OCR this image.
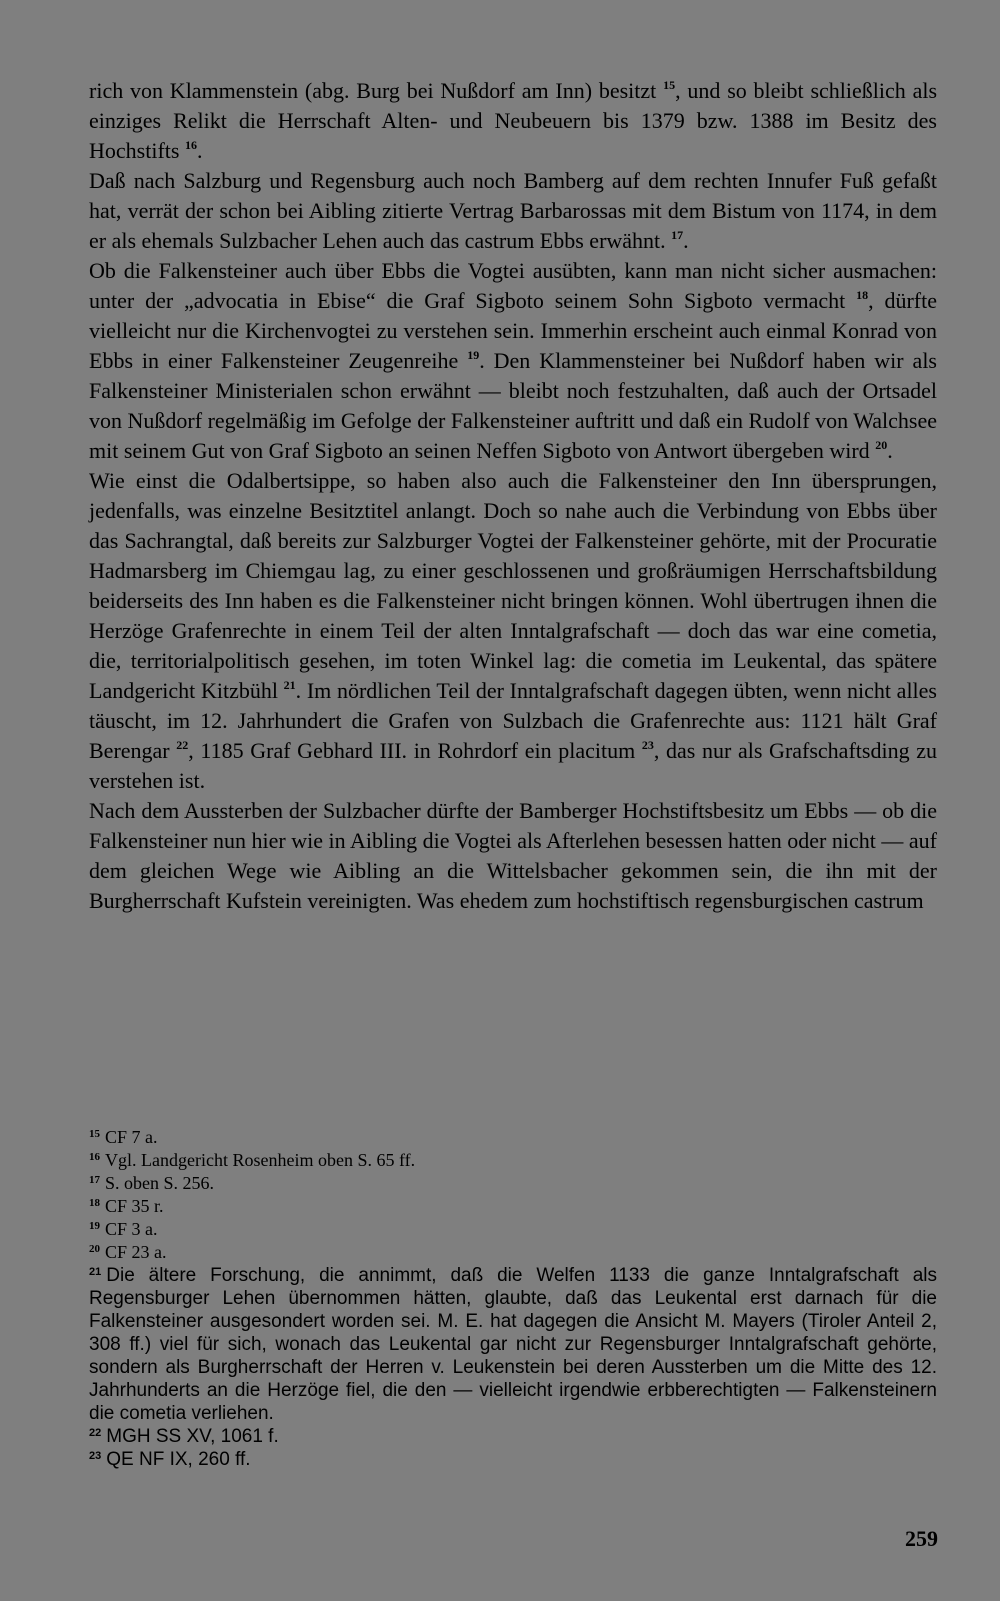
rich von Klammenstein (abg. Burg bei Nußdorf am Inn) besitzt $^{15}$, und so bleibt schließlich als einziges Relikt die Herrschaft Alten- und Neubeuern bis 1379 bzw. 1388 im Besitz des Hochstifts $^{16}$.

Daß nach Salzburg und Regensburg auch noch Bamberg auf dem rechten Innufer Fuß gefaßt hat, verrät der schon bei Aibling zitierte Vertrag Barbarossas mit dem Bistum von 1174, in dem er als ehemals Sulzbacher Lehen auch das castrum Ebbs erwähnt. $^{17}$.

Ob die Falkensteiner auch über Ebbs die Vogtei ausübten, kann man nicht sicher ausmachen: unter der „advocatia in Ebise“ die Graf Sigboto seinem Sohn Sigboto vermacht $^{18}$, dürfte vielleicht nur die Kirchenvogtei zu verstehen sein. Immerhin erscheint auch einmal Konrad von Ebbs in einer Falkensteiner Zeugenreihe $^{19}$. Den Klammensteiner bei Nußdorf haben wir als Falkensteiner Ministerialen schon erwähnt — bleibt noch festzuhalten, daß auch der Ortsadel von Nußdorf regelmäßig im Gefolge der Falkensteiner auftritt und daß ein Rudolf von Walchsee mit seinem Gut von Graf Sigboto an seinen Neffen Sigboto von Antwort übergeben wird $^{20}$.

Wie einst die Odalbertsippe, so haben also auch die Falkensteiner den Inn übersprungen, jedenfalls, was einzelne Besitztitel anlangt. Doch so nahe auch die Verbindung von Ebbs über das Sachrangtal, daß bereits zur Salzburger Vogtei der Falkensteiner gehörte, mit der Procuratie Hadmarsberg im Chiemgau lag, zu einer geschlossenen und großräumigen Herrschaftsbildung beiderseits des Inn haben es die Falkensteiner nicht bringen können. Wohl übertrugen ihnen die Herzöge Grafenrechte in einem Teil der alten Inntalgrafschaft — doch das war eine cometia, die, territorialpolitisch gesehen, im toten Winkel lag: die cometia im Leukental, das spätere Landgericht Kitzbühl $^{21}$. Im nördlichen Teil der Inntalgrafschaft dagegen übten, wenn nicht alles täuscht, im 12. Jahrhundert die Grafen von Sulzbach die Grafenrechte aus: 1121 hält Graf Berengar $^{22}$, 1185 Graf Gebhard III. in Rohrdorf ein placitum $^{23}$, das nur als Grafschaftsding zu verstehen ist.

Nach dem Aussterben der Sulzbacher dürfte der Bamberger Hochstiftsbesitz um Ebbs — ob die Falkensteiner nun hier wie in Aibling die Vogtei als Afterlehen besessen hatten oder nicht — auf dem gleichen Wege wie Aibling an die Wittelsbacher gekommen sein, die ihn mit der Burgherrschaft Kufstein vereinigten. Was ehedem zum hochstiftisch regensburgischen castrum

$^{15}$ CF 7 a.

$^{16}$ Vgl. Landgericht Rosenheim oben S. 65 ff.

$^{17}$ S. oben S. 256.

$^{18}$ CF 35 r.

$^{19}$ CF 3 a.

$^{20}$ CF 23 a.

$^{21}$ Die ältere Forschung, die annimmt, daß die Welfen 1133 die ganze Inntalgrafschaft als Regensburger Lehen übernommen hätten, glaubte, daß das Leukental erst darnach für die Falkensteiner ausgesondert worden sei. M. E. hat dagegen die Ansicht M. Mayers (Tiroler Anteil 2, 308 ff.) viel für sich, wonach das Leukental gar nicht zur Regensburger Inntalgrafschaft gehörte, sondern als Burgherrschaft der Herren v. Leukenstein bei deren Aussterben um die Mitte des 12. Jahrhunderts an die Herzöge fiel, die den — vielleicht irgendwie erbberechtigten — Falkensteinern die cometia verliehen.

$^{22}$ MGH SS XV, 1061 f.

$^{23}$ QE NF IX, 260 ff.

259
